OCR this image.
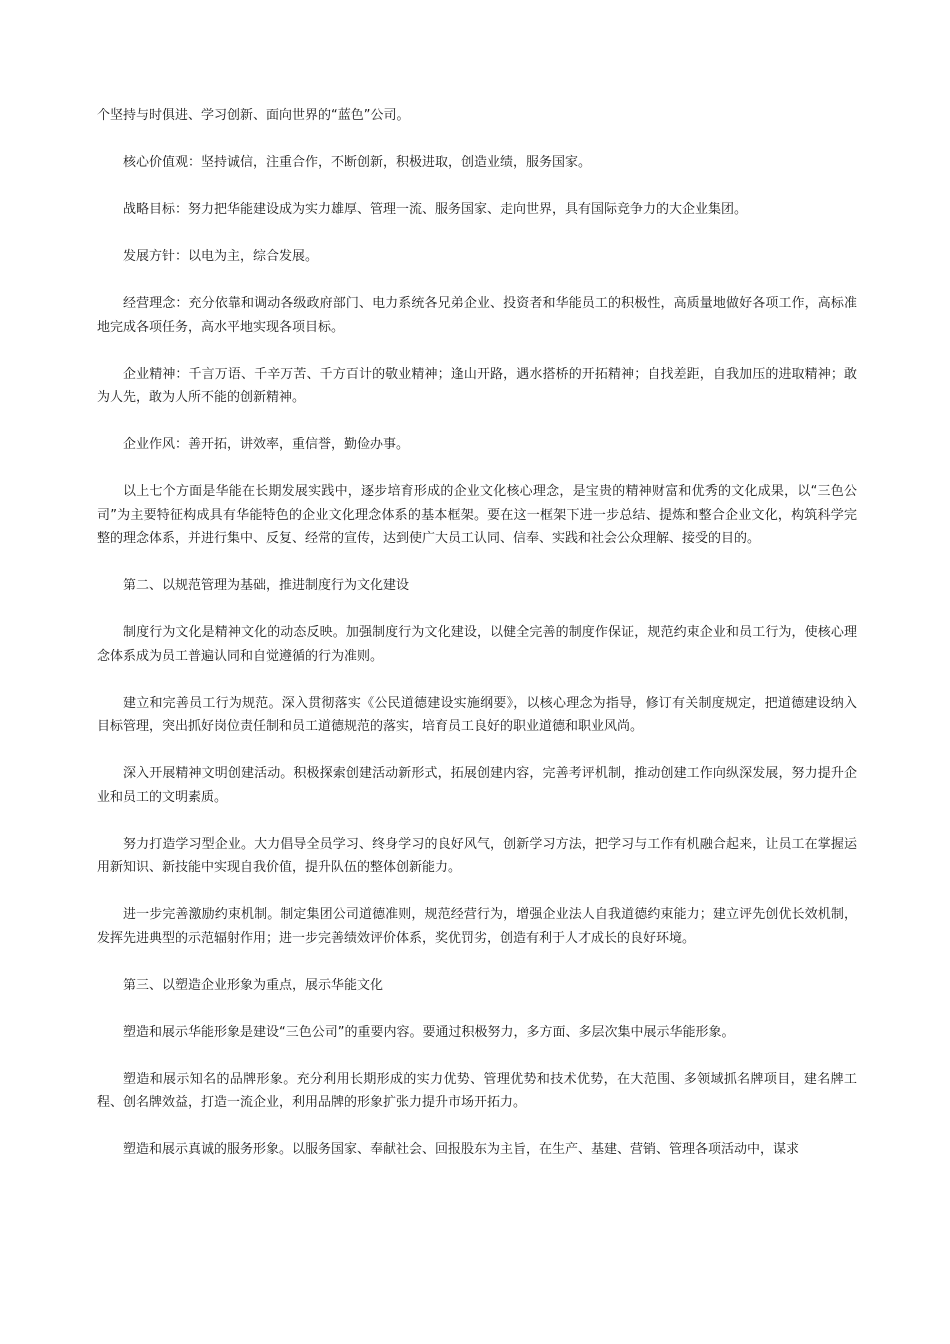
个坚持与时俱进、学习创新、面向世界的“蓝色”公司。

核心价值观：坚持诚信，注重合作，不断创新，积极进取，创造业绩，服务国家。

战略目标：努力把华能建设成为实力雄厚、管理一流、服务国家、走向世界，具有国际竞争力的大企业集团。

发展方针：以电为主，综合发展。

经营理念：充分依靠和调动各级政府部门、电力系统各兄弟企业、投资者和华能员工的积极性，高质量地做好各项工作，高标准地完成各项任务，高水平地实现各项目标。

企业精神：千言万语、千辛万苦、千方百计的敬业精神；逢山开路，遇水搭桥的开拓精神；自找差距，自我加压的进取精神；敢为人先，敢为人所不能的创新精神。

企业作风：善开拓，讲效率，重信誉，勤俭办事。

以上七个方面是华能在长期发展实践中，逐步培育形成的企业文化核心理念，是宝贵的精神财富和优秀的文化成果，以“三色公司”为主要特征构成具有华能特色的企业文化理念体系的基本框架。要在这一框架下进一步总结、提炼和整合企业文化，构筑科学完整的理念体系，并进行集中、反复、经常的宣传，达到使广大员工认同、信奉、实践和社会公众理解、接受的目的。

第二、以规范管理为基础，推进制度行为文化建设

制度行为文化是精神文化的动态反映。加强制度行为文化建设，以健全完善的制度作保证，规范约束企业和员工行为，使核心理念体系成为员工普遍认同和自觉遵循的行为准则。

建立和完善员工行为规范。深入贯彻落实《公民道德建设实施纲要》，以核心理念为指导，修订有关制度规定，把道德建设纳入目标管理，突出抓好岗位责任制和员工道德规范的落实，培育员工良好的职业道德和职业风尚。

深入开展精神文明创建活动。积极探索创建活动新形式，拓展创建内容，完善考评机制，推动创建工作向纵深发展，努力提升企业和员工的文明素质。

努力打造学习型企业。大力倡导全员学习、终身学习的良好风气，创新学习方法，把学习与工作有机融合起来，让员工在掌握运用新知识、新技能中实现自我价值，提升队伍的整体创新能力。

进一步完善激励约束机制。制定集团公司道德准则，规范经营行为，增强企业法人自我道德约束能力；建立评先创优长效机制，发挥先进典型的示范辐射作用；进一步完善绩效评价体系，奖优罚劣，创造有利于人才成长的良好环境。

第三、以塑造企业形象为重点，展示华能文化

塑造和展示华能形象是建设“三色公司”的重要内容。要通过积极努力，多方面、多层次集中展示华能形象。

塑造和展示知名的品牌形象。充分利用长期形成的实力优势、管理优势和技术优势，在大范围、多领域抓名牌项目，建名牌工程、创名牌效益，打造一流企业，利用品牌的形象扩张力提升市场开拓力。

塑造和展示真诚的服务形象。以服务国家、奉献社会、回报股东为主旨，在生产、基建、营销、管理各项活动中，谋求
